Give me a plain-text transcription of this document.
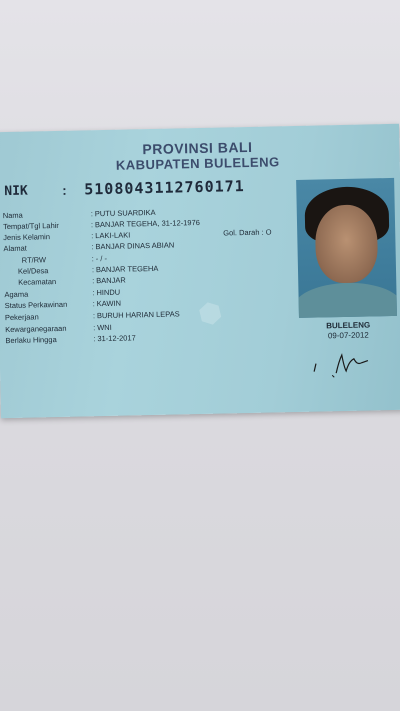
⬢
PROVINSI BALI
KABUPATEN BULELENG
NIK	: 5108043112760171
Nama	: PUTU SUARDIKA
Tempat/Tgl Lahir	: BANJAR TEGEHA, 31-12-1976
Jenis Kelamin	: LAKI-LAKI	Gol. Darah : O
Alamat	: BANJAR DINAS ABIAN
RT/RW	: - / -
Kel/Desa	: BANJAR TEGEHA
Kecamatan	: BANJAR
Agama	: HINDU
Status Perkawinan	: KAWIN
Pekerjaan	: BURUH HARIAN LEPAS
Kewarganegaraan	: WNI
Berlaku Hingga	: 31-12-2017
BULELENG
09-07-2012
